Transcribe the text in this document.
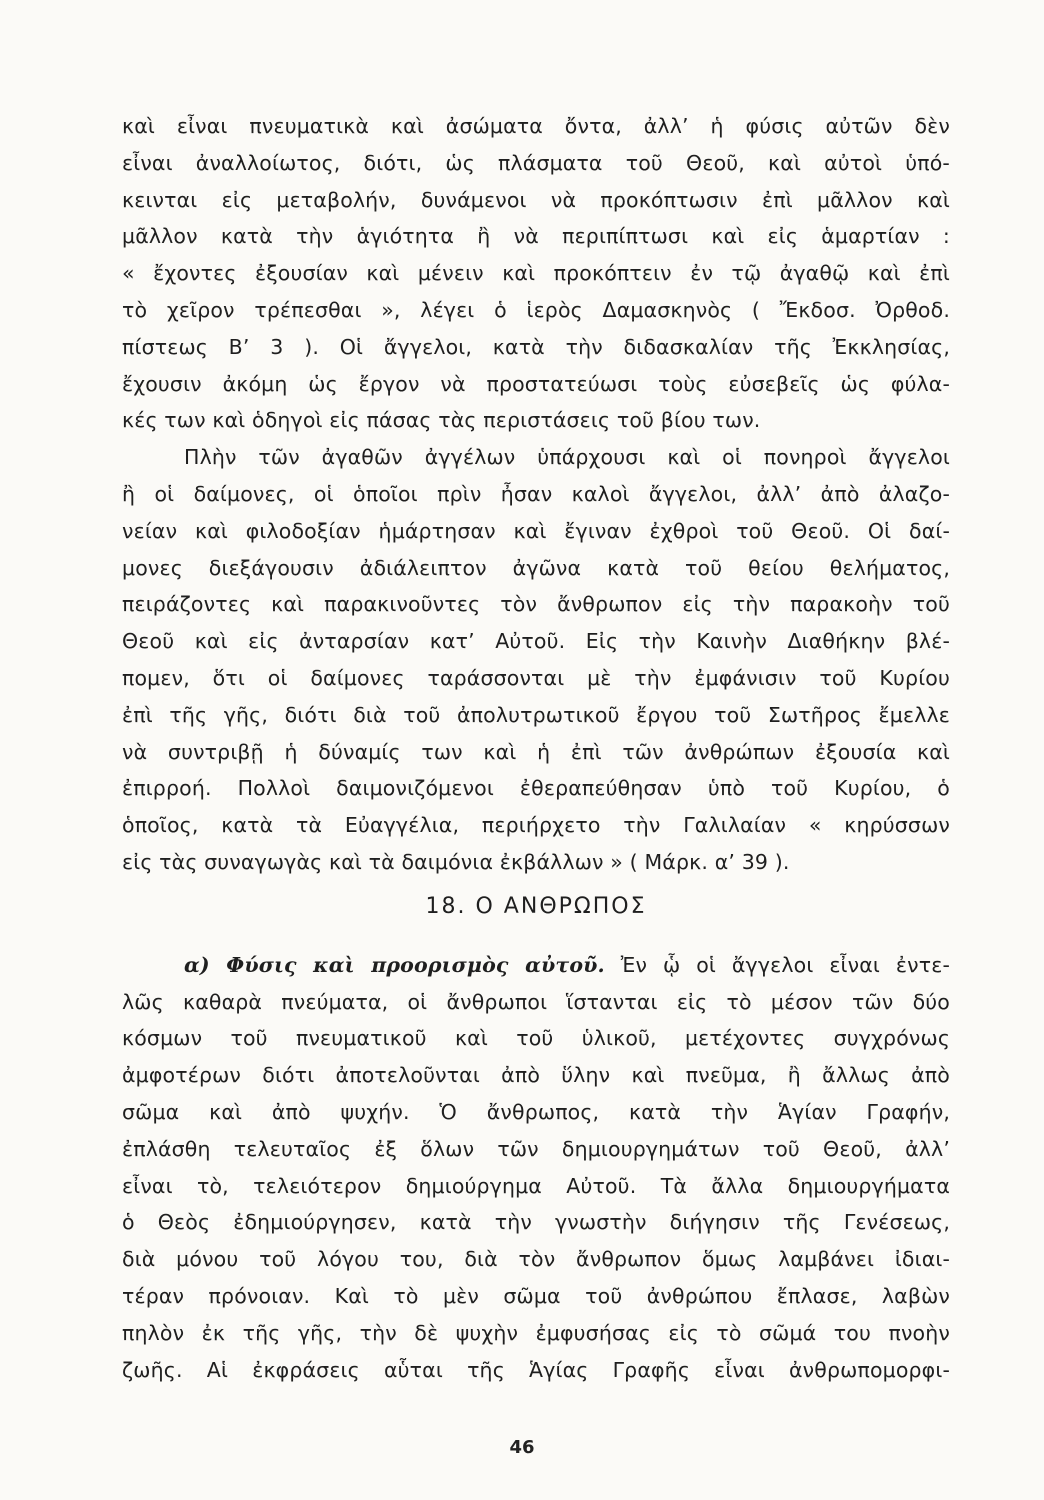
καὶ εἶναι πνευματικὰ καὶ ἀσώματα ὄντα, ἀλλ’ ἡ φύσις αὐτῶν δὲν
εἶναι ἀναλλοίωτος, διότι, ὡς πλάσματα τοῦ Θεοῦ, καὶ αὐτοὶ ὑπό-
κεινται εἰς μεταβολήν, δυνάμενοι νὰ προκόπτωσιν ἐπὶ μᾶλλον καὶ
μᾶλλον κατὰ τὴν ἁγιότητα ἢ νὰ περιπίπτωσι καὶ εἰς ἁμαρτίαν :
« ἔχοντες ἐξουσίαν καὶ μένειν καὶ προκόπτειν ἐν τῷ ἀγαθῷ καὶ ἐπὶ
τὸ χεῖρον τρέπεσθαι », λέγει ὁ ἱερὸς Δαμασκηνὸς ( Ἔκδοσ. Ὀρθοδ.
πίστεως Β’ 3 ). Οἱ ἄγγελοι, κατὰ τὴν διδασκαλίαν τῆς Ἐκκλησίας,
ἔχουσιν ἀκόμη ὡς ἔργον νὰ προστατεύωσι τοὺς εὐσεβεῖς ὡς φύλα-
κές των καὶ ὁδηγοὶ εἰς πάσας τὰς περιστάσεις τοῦ βίου των.
Πλὴν τῶν ἀγαθῶν ἀγγέλων ὑπάρχουσι καὶ οἱ πονηροὶ ἄγγελοι
ἢ οἱ δαίμονες, οἱ ὁποῖοι πρὶν ἦσαν καλοὶ ἄγγελοι, ἀλλ’ ἀπὸ ἀλαζο-
νείαν καὶ φιλοδοξίαν ἡμάρτησαν καὶ ἔγιναν ἐχθροὶ τοῦ Θεοῦ. Οἱ δαί-
μονες διεξάγουσιν ἀδιάλειπτον ἀγῶνα κατὰ τοῦ θείου θελήματος,
πειράζοντες καὶ παρακινοῦντες τὸν ἄνθρωπον εἰς τὴν παρακοὴν τοῦ
Θεοῦ καὶ εἰς ἀνταρσίαν κατ’ Αὐτοῦ. Εἰς τὴν Καινὴν Διαθήκην βλέ-
πομεν, ὅτι οἱ δαίμονες ταράσσονται μὲ τὴν ἐμφάνισιν τοῦ Κυρίου
ἐπὶ τῆς γῆς, διότι διὰ τοῦ ἀπολυτρωτικοῦ ἔργου τοῦ Σωτῆρος ἔμελλε
νὰ συντριβῇ ἡ δύναμίς των καὶ ἡ ἐπὶ τῶν ἀνθρώπων ἐξουσία καὶ
ἐπιρροή. Πολλοὶ δαιμονιζόμενοι ἐθεραπεύθησαν ὑπὸ τοῦ Κυρίου, ὁ
ὁποῖος, κατὰ τὰ Εὐαγγέλια, περιήρχετο τὴν Γαλιλαίαν « κηρύσσων
εἰς τὰς συναγωγὰς καὶ τὰ δαιμόνια ἐκβάλλων » ( Μάρκ. α’ 39 ).
18. Ο ΑΝΘΡΩΠΟΣ
α) Φύσις καὶ προορισμὸς αὐτοῦ. Ἐν ᾧ οἱ ἄγγελοι εἶναι ἐντε-
λῶς καθαρὰ πνεύματα, οἱ ἄνθρωποι ἵστανται εἰς τὸ μέσον τῶν δύο
κόσμων τοῦ πνευματικοῦ καὶ τοῦ ὑλικοῦ, μετέχοντες συγχρόνως
ἀμφοτέρων διότι ἀποτελοῦνται ἀπὸ ὕλην καὶ πνεῦμα, ἢ ἄλλως ἀπὸ
σῶμα καὶ ἀπὸ ψυχήν. Ὁ ἄνθρωπος, κατὰ τὴν Ἁγίαν Γραφήν,
ἐπλάσθη τελευταῖος ἐξ ὅλων τῶν δημιουργημάτων τοῦ Θεοῦ, ἀλλ’
εἶναι τὸ, τελειότερον δημιούργημα Αὐτοῦ. Τὰ ἄλλα δημιουργήματα
ὁ Θεὸς ἐδημιούργησεν, κατὰ τὴν γνωστὴν διήγησιν τῆς Γενέσεως,
διὰ μόνου τοῦ λόγου του, διὰ τὸν ἄνθρωπον ὅμως λαμβάνει ἰδιαι-
τέραν πρόνοιαν. Καὶ τὸ μὲν σῶμα τοῦ ἀνθρώπου ἔπλασε, λαβὼν
πηλὸν ἐκ τῆς γῆς, τὴν δὲ ψυχὴν ἐμφυσήσας εἰς τὸ σῶμά του πνοὴν
ζωῆς. Αἱ ἐκφράσεις αὗται τῆς Ἁγίας Γραφῆς εἶναι ἀνθρωπομορφι-
46
